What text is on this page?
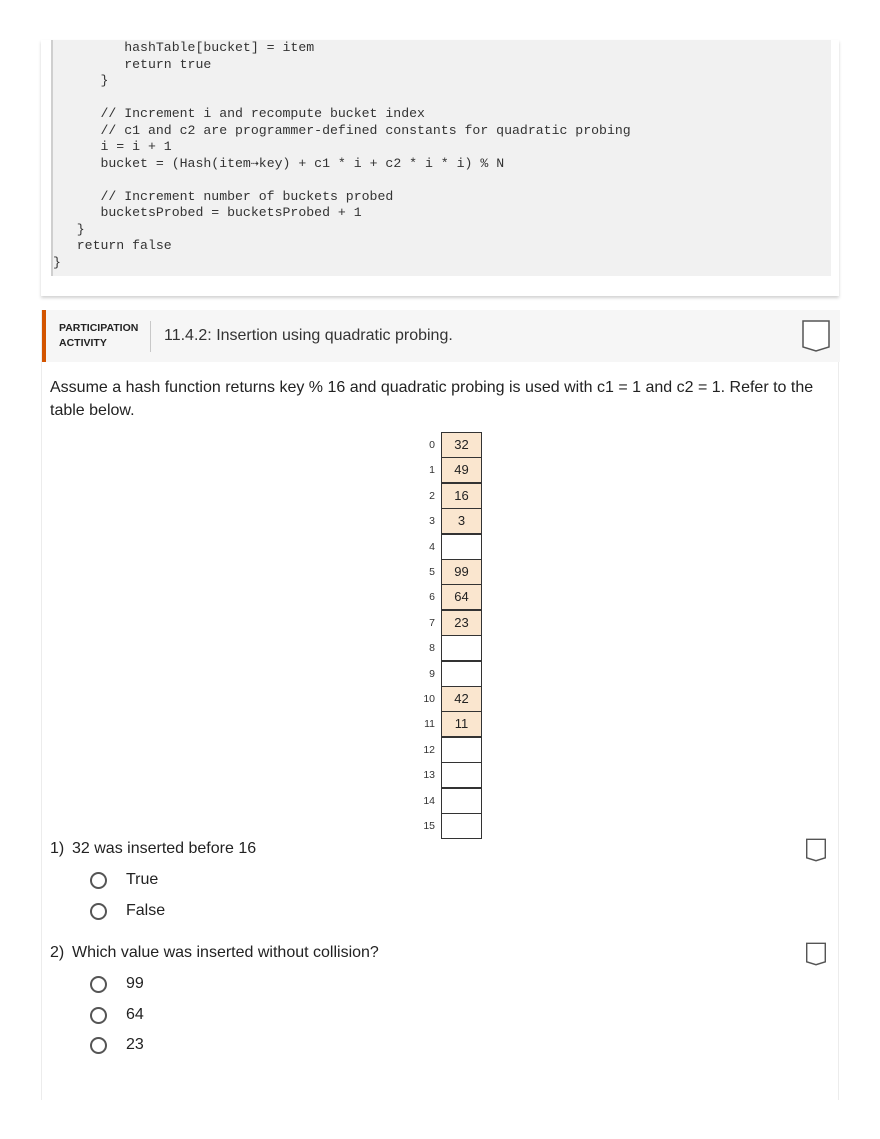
hashTable[bucket] = item
return true
}
// Increment i and recompute bucket index
// c1 and c2 are programmer-defined constants for quadratic probing
i = i + 1
bucket = (Hash(item⇢key) + c1 * i + c2 * i * i) % N
// Increment number of buckets probed
bucketsProbed = bucketsProbed + 1
}
return false
}
PARTICIPATION
ACTIVITY	11.4.2: Insertion using quadratic probing.
Assume a hash function returns key % 16 and quadratic probing is used with c1 = 1 and c2 = 1. Refer to the table below.
0	32
1	49
2	16
3	3
4
5	99
6	64
7	23
8
9
10	42
11	11
12
13
14
15
1) 32 was inserted before 16
True
False
2) Which value was inserted without collision?
99
64
23
